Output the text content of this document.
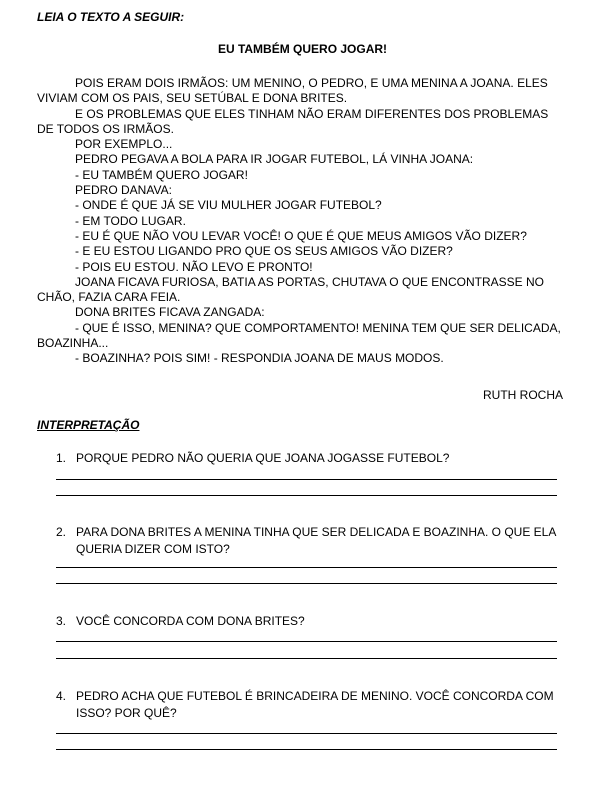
LEIA O TEXTO A SEGUIR:
EU TAMBÉM QUERO JOGAR!

POIS ERAM DOIS IRMÃOS: UM MENINO, O PEDRO, E UMA MENINA A JOANA. ELES VIVIAM COM OS PAIS, SEU SETÚBAL E DONA BRITES.

E OS PROBLEMAS QUE ELES TINHAM NÃO ERAM DIFERENTES DOS PROBLEMAS DE TODOS OS IRMÃOS.

POR EXEMPLO...

PEDRO PEGAVA A BOLA PARA IR JOGAR FUTEBOL, LÁ VINHA JOANA:

- EU TAMBÉM QUERO JOGAR!

PEDRO DANAVA:

- ONDE É QUE JÁ SE VIU MULHER JOGAR FUTEBOL?

- EM TODO LUGAR.

- EU É QUE NÃO VOU LEVAR VOCÊ! O QUE É QUE MEUS AMIGOS VÃO DIZER?

- E EU ESTOU LIGANDO PRO QUE OS SEUS AMIGOS VÃO DIZER?

- POIS EU ESTOU. NÃO LEVO E PRONTO!

JOANA FICAVA FURIOSA, BATIA AS PORTAS, CHUTAVA O QUE ENCONTRASSE NO CHÃO, FAZIA CARA FEIA.

DONA BRITES FICAVA ZANGADA:

- QUE É ISSO, MENINA? QUE COMPORTAMENTO! MENINA TEM QUE SER DELICADA, BOAZINHA...

- BOAZINHA? POIS SIM! - RESPONDIA JOANA DE MAUS MODOS.

RUTH ROCHA
INTERPRETAÇÃO
1. PORQUE PEDRO NÃO QUERIA QUE JOANA JOGASSE FUTEBOL?
2. PARA DONA BRITES A MENINA TINHA QUE SER DELICADA E BOAZINHA. O QUE ELA QUERIA DIZER COM ISTO?
3. VOCÊ CONCORDA COM DONA BRITES?
4. PEDRO ACHA QUE FUTEBOL É BRINCADEIRA DE MENINO. VOCÊ CONCORDA COM ISSO? POR QUÊ?
